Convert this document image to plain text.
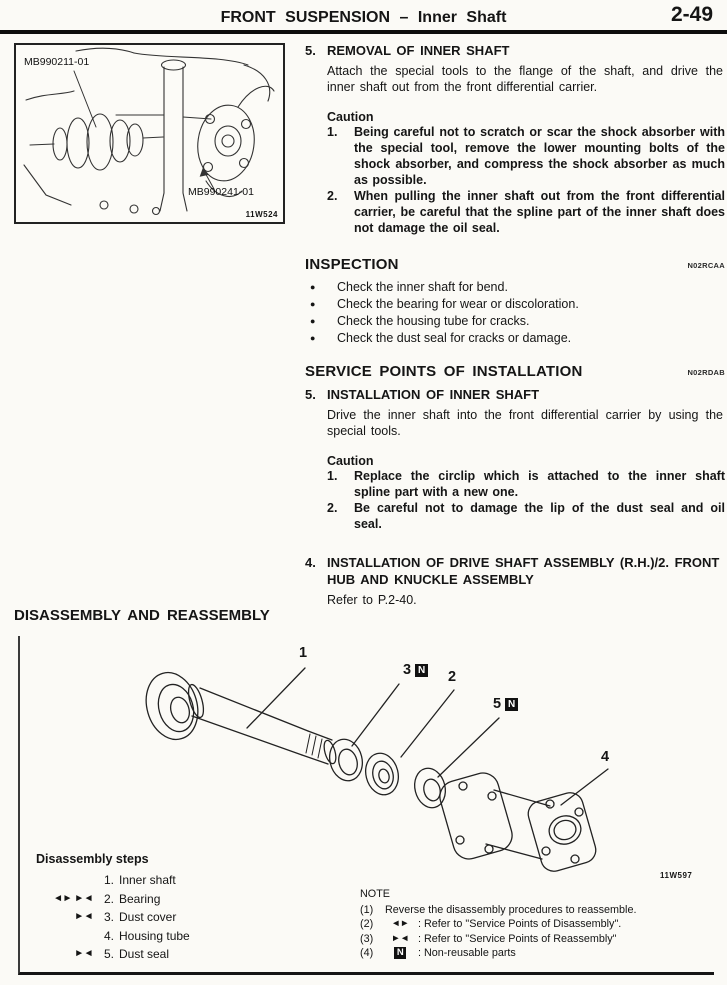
FRONT SUSPENSION – Inner Shaft	2-49
MB990211-01
MB990241-01
11W524
5. REMOVAL OF INNER SHAFT
Attach the special tools to the flange of the shaft, and drive the inner shaft out from the front differential carrier.
Caution
1.	Being careful not to scratch or scar the shock absorber with the special tool, remove the lower mounting bolts of the shock absorber, and compress the shock absorber as much as possible.
2.	When pulling the inner shaft out from the front differential carrier, be careful that the spline part of the inner shaft does not damage the oil seal.
INSPECTION	N02RCAA
●	Check the inner shaft for bend.
●	Check the bearing for wear or discoloration.
●	Check the housing tube for cracks.
●	Check the dust seal for cracks or damage.
SERVICE POINTS OF INSTALLATION	N02RDAB
5. INSTALLATION OF INNER SHAFT
Drive the inner shaft into the front differential carrier by using the special tools.
Caution
1.	Replace the circlip which is attached to the inner shaft spline part with a new one.
2.	Be careful not to damage the lip of the dust seal and oil seal.
4. INSTALLATION OF DRIVE SHAFT ASSEMBLY (R.H.)/2. FRONT HUB AND KNUCKLE ASSEMBLY
Refer to P.2-40.
DISASSEMBLY AND REASSEMBLY
1
3 N 2
5 N
4
11W597
Disassembly steps
1. Inner shaft
◄► ►◄ 2. Bearing
►◄ 3. Dust cover
4. Housing tube
►◄ 5. Dust seal
NOTE
(1)	Reverse the disassembly procedures to reassemble.
(2)	◄► : Refer to "Service Points of Disassembly".
(3)	►◄ : Refer to "Service Points of Reassembly"
(4)	N	: Non-reusable parts
